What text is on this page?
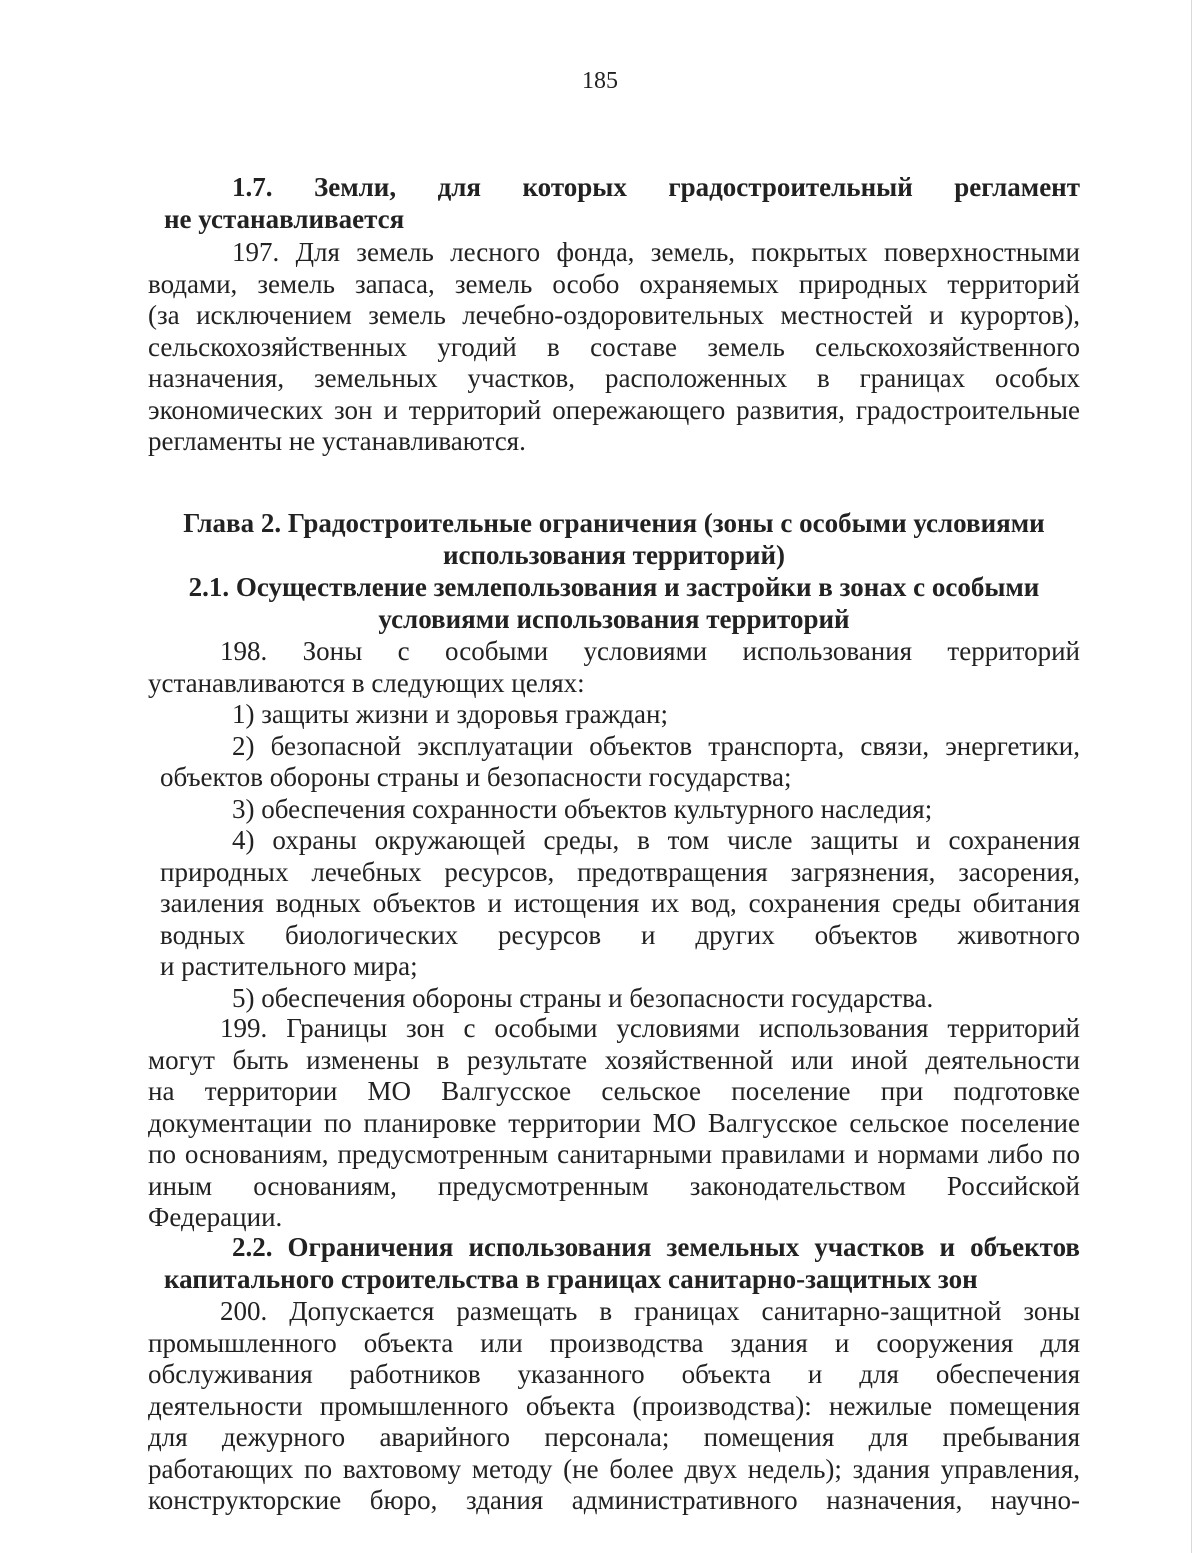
185
1.7. Земли, для которых градостроительный регламент
не устанавливается
197. Для земель лесного фонда, земель, покрытых поверхностными
водами, земель запаса, земель особо охраняемых природных территорий
(за исключением земель лечебно-оздоровительных местностей и курортов),
сельскохозяйственных угодий в составе земель сельскохозяйственного
назначения, земельных участков, расположенных в границах особых
экономических зон и территорий опережающего развития, градостроительные
регламенты не устанавливаются.
Глава 2. Градостроительные ограничения (зоны с особыми условиями
использования территорий)
2.1. Осуществление землепользования и застройки в зонах с особыми
условиями использования территорий
198. Зоны с особыми условиями использования территорий
устанавливаются в следующих целях:
1) защиты жизни и здоровья граждан;
2) безопасной эксплуатации объектов транспорта, связи, энергетики,
объектов обороны страны и безопасности государства;
3) обеспечения сохранности объектов культурного наследия;
4) охраны окружающей среды, в том числе защиты и сохранения
природных лечебных ресурсов, предотвращения загрязнения, засорения,
заиления водных объектов и истощения их вод, сохранения среды обитания
водных биологических ресурсов и других объектов животного
и растительного мира;
5) обеспечения обороны страны и безопасности государства.
199. Границы зон с особыми условиями использования территорий
могут быть изменены в результате хозяйственной или иной деятельности
на территории МО Валгусское сельское поселение при подготовке
документации по планировке территории МО Валгусское сельское поселение
по основаниям, предусмотренным санитарными правилами и нормами либо по
иным основаниям, предусмотренным законодательством Российской
Федерации.
2.2. Ограничения использования земельных участков и объектов
капитального строительства в границах санитарно-защитных зон
200. Допускается размещать в границах санитарно-защитной зоны
промышленного объекта или производства здания и сооружения для
обслуживания работников указанного объекта и для обеспечения
деятельности промышленного объекта (производства): нежилые помещения
для дежурного аварийного персонала; помещения для пребывания
работающих по вахтовому методу (не более двух недель); здания управления,
конструкторские бюро, здания административного назначения, научно-
